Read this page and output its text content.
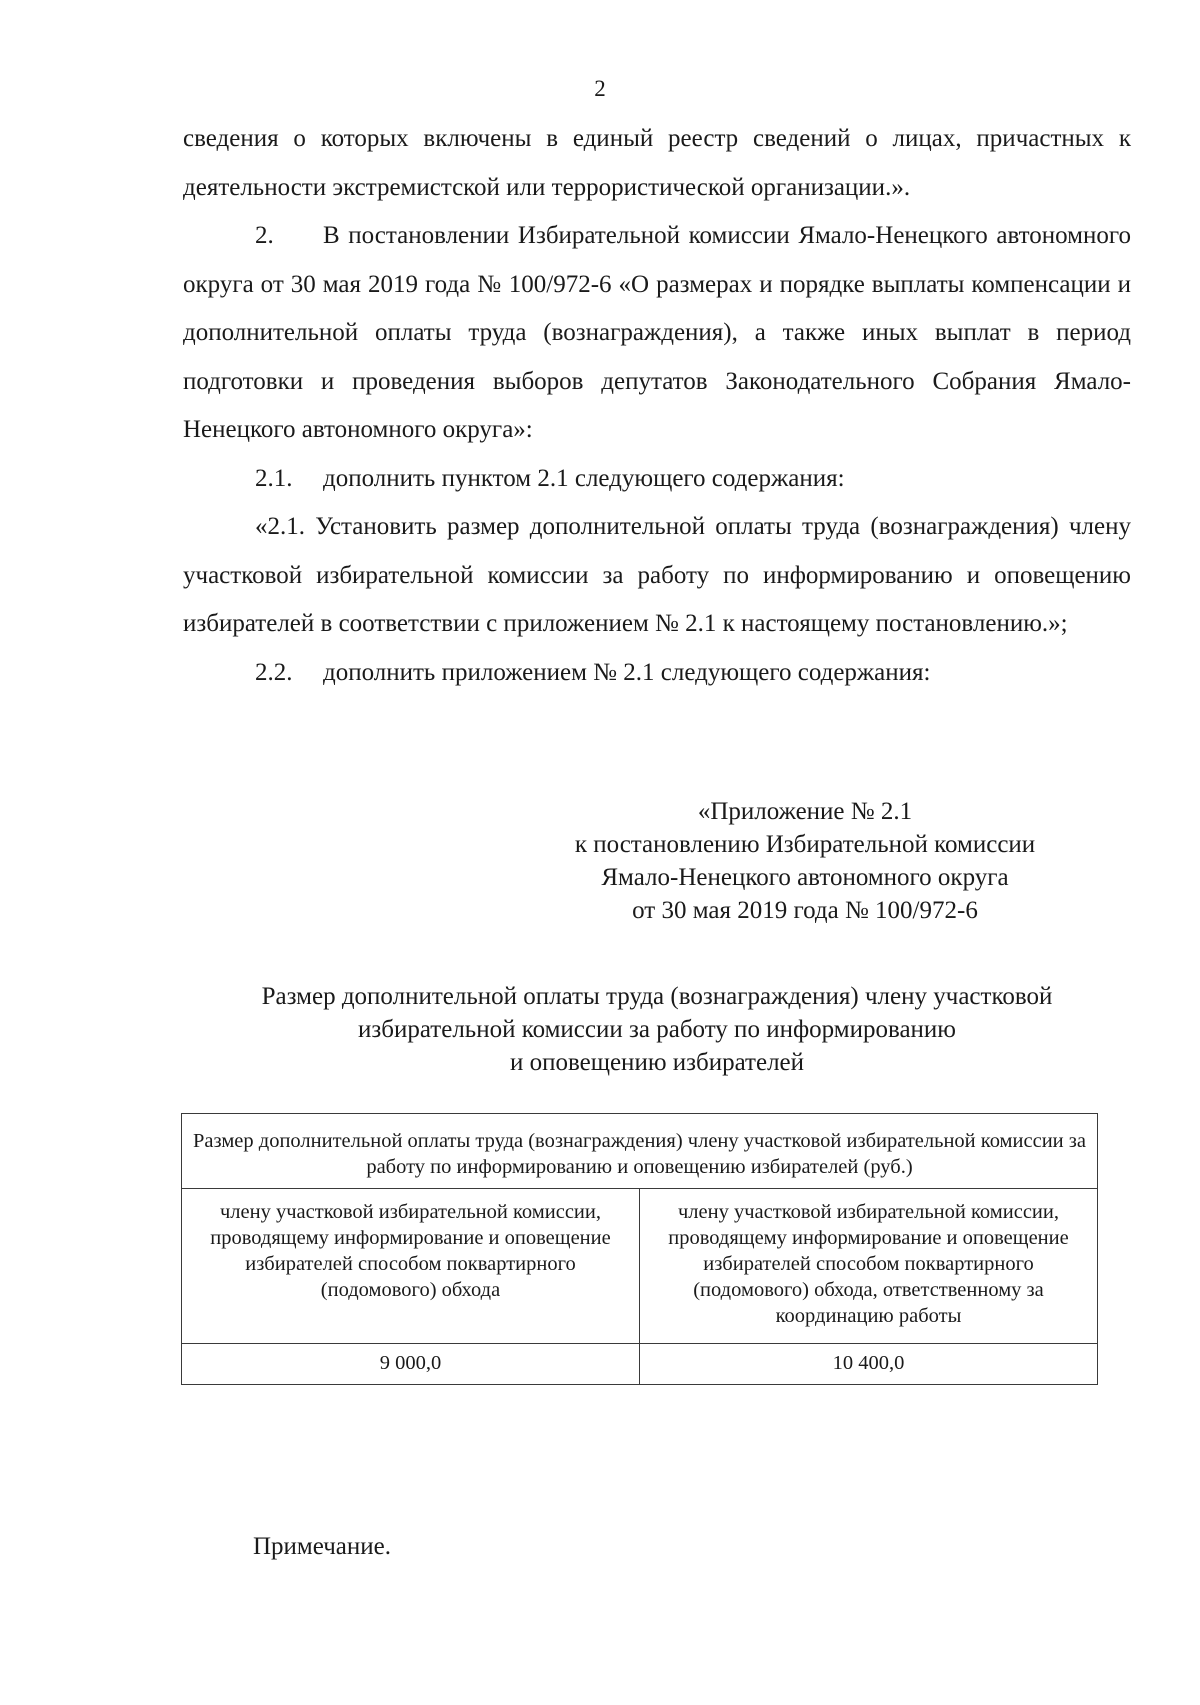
2

сведения о которых включены в единый реестр сведений о лицах, причастных к деятельности экстремистской или террористической организации.».

2. В постановлении Избирательной комиссии Ямало-Ненецкого автономного округа от 30 мая 2019 года № 100/972-6 «О размерах и порядке выплаты компенсации и дополнительной оплаты труда (вознаграждения), а также иных выплат в период подготовки и проведения выборов депутатов Законодательного Собрания Ямало-Ненецкого автономного округа»:

2.1. дополнить пунктом 2.1 следующего содержания:

«2.1. Установить размер дополнительной оплаты труда (вознаграждения) члену участковой избирательной комиссии за работу по информированию и оповещению избирателей в соответствии с приложением № 2.1 к настоящему постановлению.»;

2.2. дополнить приложением № 2.1 следующего содержания:

«Приложение № 2.1
к постановлению Избирательной комиссии
Ямало-Ненецкого автономного округа
от 30 мая 2019 года № 100/972-6
Размер дополнительной оплаты труда (вознаграждения) члену участковой
избирательной комиссии за работу по информированию
и оповещению избирателей
Размер дополнительной оплаты труда (вознаграждения) члену участковой избирательной комиссии за работу по информированию и оповещению избирателей (руб.)	
члену участковой избирательной комиссии, проводящему информирование и оповещение избирателей способом поквартирного (подомового) обхода	члену участковой избирательной комиссии, проводящему информирование и оповещение избирателей способом поквартирного (подомового) обхода, ответственному за координацию работы
9 000,0	10 400,0
Примечание.
